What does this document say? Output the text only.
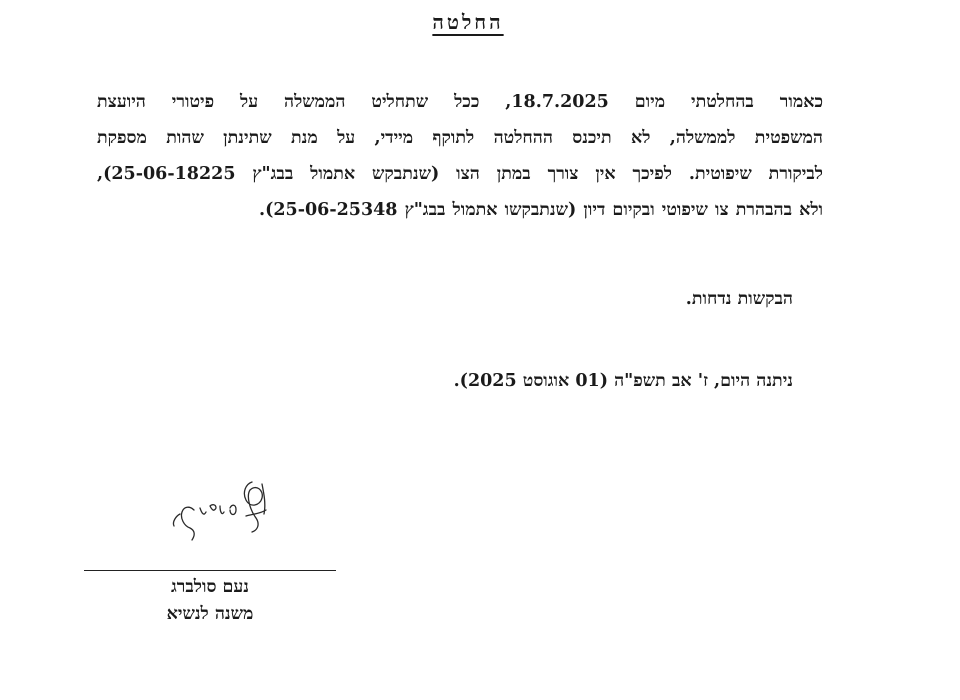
החלטה
כאמור בהחלטתי מיום 18.7.2025, ככל שתחליט הממשלה על פיטורי היועצת
המשפטית לממשלה, לא תיכנס ההחלטה לתוקף מיידי, על מנת שתינתן שהות מספקת
לביקורת שיפוטית. לפיכך אין צורך במתן הצו (שנתבקש אתמול בבג"ץ 25-06-18225),
ולא בהבהרת צו שיפוטי ובקיום דיון (שנתבקשו אתמול בבג"ץ 25-06-25348).
הבקשות נדחות.
ניתנה היום, ז' אב תשפ"ה (01 אוגוסט 2025).
נעם סולברג
משנה לנשיא
